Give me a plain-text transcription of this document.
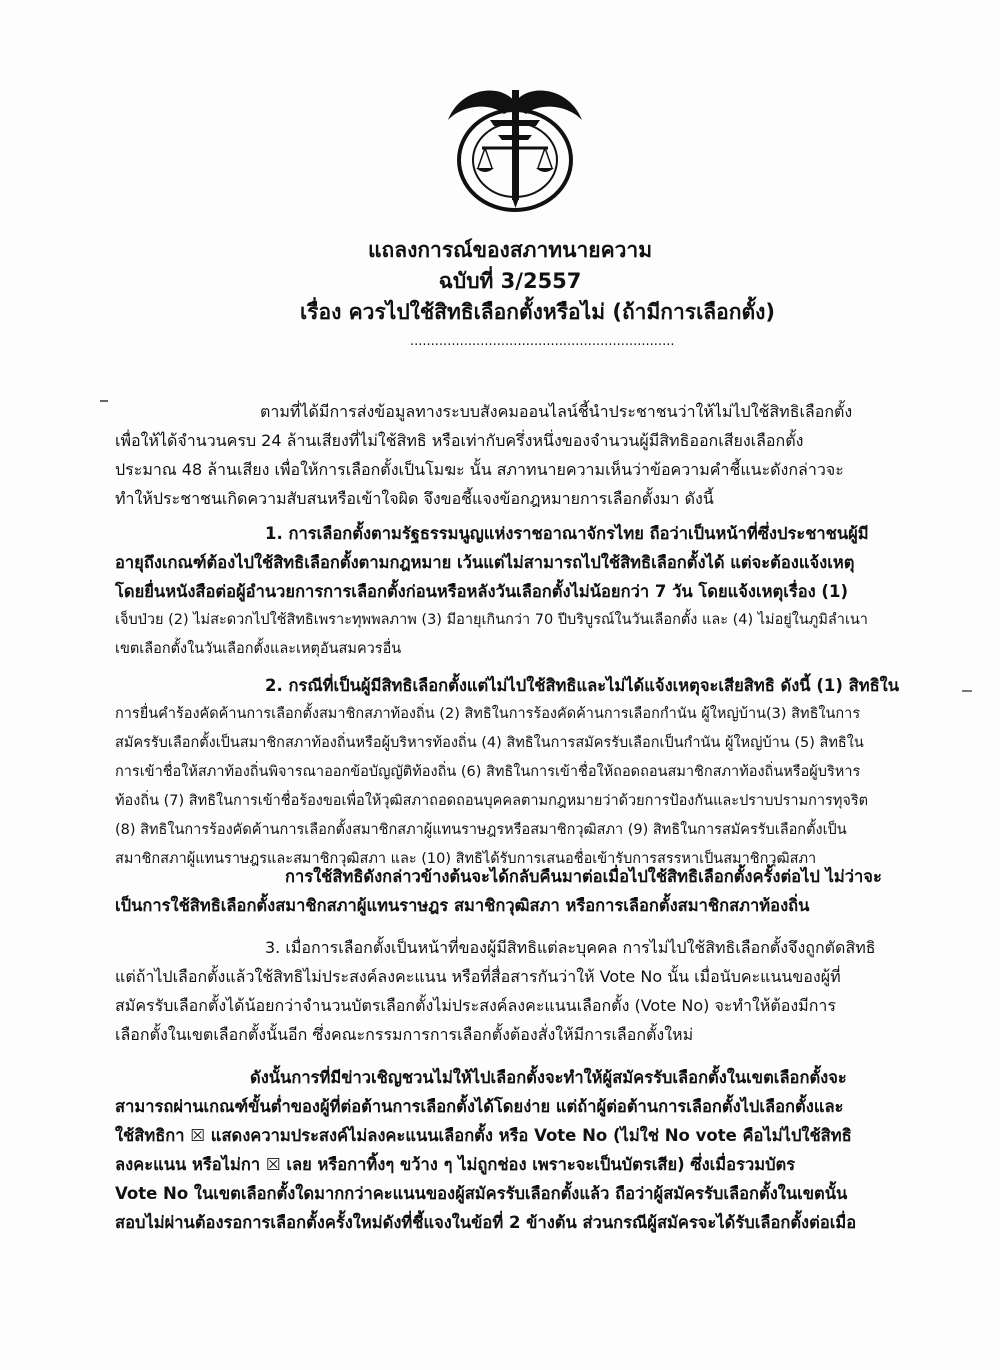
แถลงการณ์ของสภาทนายความ
ฉบับที่ 3/2557
เรื่อง ควรไปใช้สิทธิเลือกตั้งหรือไม่ (ถ้ามีการเลือกตั้ง)
................................................................
ตามที่ได้มีการส่งข้อมูลทางระบบสังคมออนไลน์ชี้นำประชาชนว่าให้ไม่ไปใช้สิทธิเลือกตั้ง
เพื่อให้ได้จำนวนครบ 24 ล้านเสียงที่ไม่ใช้สิทธิ หรือเท่ากับครึ่งหนึ่งของจำนวนผู้มีสิทธิออกเสียงเลือกตั้ง
ประมาณ 48 ล้านเสียง เพื่อให้การเลือกตั้งเป็นโมฆะ นั้น สภาทนายความเห็นว่าข้อความคำชี้แนะดังกล่าวจะ
ทำให้ประชาชนเกิดความสับสนหรือเข้าใจผิด จึงขอชี้แจงข้อกฎหมายการเลือกตั้งมา ดังนี้
1. การเลือกตั้งตามรัฐธรรมนูญแห่งราชอาณาจักรไทย ถือว่าเป็นหน้าที่ซึ่งประชาชนผู้มี
อายุถึงเกณฑ์ต้องไปใช้สิทธิเลือกตั้งตามกฎหมาย เว้นแต่ไม่สามารถไปใช้สิทธิเลือกตั้งได้ แต่จะต้องแจ้งเหตุ
โดยยื่นหนังสือต่อผู้อำนวยการการเลือกตั้งก่อนหรือหลังวันเลือกตั้งไม่น้อยกว่า 7 วัน โดยแจ้งเหตุเรื่อง (1)
เจ็บป่วย (2) ไม่สะดวกไปใช้สิทธิเพราะทุพพลภาพ (3) มีอายุเกินกว่า 70 ปีบริบูรณ์ในวันเลือกตั้ง และ (4) ไม่อยู่ในภูมิลำเนา
เขตเลือกตั้งในวันเลือกตั้งและเหตุอันสมควรอื่น
2. กรณีที่เป็นผู้มีสิทธิเลือกตั้งแต่ไม่ไปใช้สิทธิและไม่ได้แจ้งเหตุจะเสียสิทธิ ดังนี้ (1) สิทธิใน
การยื่นคำร้องคัดค้านการเลือกตั้งสมาชิกสภาท้องถิ่น (2) สิทธิในการร้องคัดค้านการเลือกกำนัน ผู้ใหญ่บ้าน(3) สิทธิในการ
สมัครรับเลือกตั้งเป็นสมาชิกสภาท้องถิ่นหรือผู้บริหารท้องถิ่น (4) สิทธิในการสมัครรับเลือกเป็นกำนัน ผู้ใหญ่บ้าน (5) สิทธิใน
การเข้าชื่อให้สภาท้องถิ่นพิจารณาออกข้อบัญญัติท้องถิ่น (6) สิทธิในการเข้าชื่อให้ถอดถอนสมาชิกสภาท้องถิ่นหรือผู้บริหาร
ท้องถิ่น (7) สิทธิในการเข้าชื่อร้องขอเพื่อให้วุฒิสภาถอดถอนบุคคลตามกฎหมายว่าด้วยการป้องกันและปราบปรามการทุจริต
(8) สิทธิในการร้องคัดค้านการเลือกตั้งสมาชิกสภาผู้แทนราษฎรหรือสมาชิกวุฒิสภา (9) สิทธิในการสมัครรับเลือกตั้งเป็น
สมาชิกสภาผู้แทนราษฎรและสมาชิกวุฒิสภา และ (10) สิทธิได้รับการเสนอชื่อเข้ารับการสรรหาเป็นสมาชิกวุฒิสภา
การใช้สิทธิดังกล่าวข้างต้นจะได้กลับคืนมาต่อเมื่อไปใช้สิทธิเลือกตั้งครั้งต่อไป ไม่ว่าจะ
เป็นการใช้สิทธิเลือกตั้งสมาชิกสภาผู้แทนราษฎร สมาชิกวุฒิสภา หรือการเลือกตั้งสมาชิกสภาท้องถิ่น
3. เมื่อการเลือกตั้งเป็นหน้าที่ของผู้มีสิทธิแต่ละบุคคล การไม่ไปใช้สิทธิเลือกตั้งจึงถูกตัดสิทธิ
แต่ถ้าไปเลือกตั้งแล้วใช้สิทธิไม่ประสงค์ลงคะแนน หรือที่สื่อสารกันว่าให้ Vote No นั้น เมื่อนับคะแนนของผู้ที่
สมัครรับเลือกตั้งได้น้อยกว่าจำนวนบัตรเลือกตั้งไม่ประสงค์ลงคะแนนเลือกตั้ง (Vote No) จะทำให้ต้องมีการ
เลือกตั้งในเขตเลือกตั้งนั้นอีก ซึ่งคณะกรรมการการเลือกตั้งต้องสั่งให้มีการเลือกตั้งใหม่
ดังนั้นการที่มีข่าวเชิญชวนไม่ให้ไปเลือกตั้งจะทำให้ผู้สมัครรับเลือกตั้งในเขตเลือกตั้งจะ
สามารถผ่านเกณฑ์ขั้นต่ำของผู้ที่ต่อต้านการเลือกตั้งได้โดยง่าย แต่ถ้าผู้ต่อต้านการเลือกตั้งไปเลือกตั้งและ
ใช้สิทธิกา ☒ แสดงความประสงค์ไม่ลงคะแนนเลือกตั้ง หรือ Vote No (ไม่ใช่ No vote คือไม่ไปใช้สิทธิ
ลงคะแนน หรือไม่กา ☒ เลย หรือกาทิ้งๆ ขว้าง ๆ ไม่ถูกช่อง เพราะจะเป็นบัตรเสีย) ซึ่งเมื่อรวมบัตร
Vote No ในเขตเลือกตั้งใดมากกว่าคะแนนของผู้สมัครรับเลือกตั้งแล้ว ถือว่าผู้สมัครรับเลือกตั้งในเขตนั้น
สอบไม่ผ่านต้องรอการเลือกตั้งครั้งใหม่ดังที่ชี้แจงในข้อที่ 2 ข้างต้น ส่วนกรณีผู้สมัครจะได้รับเลือกตั้งต่อเมื่อ
